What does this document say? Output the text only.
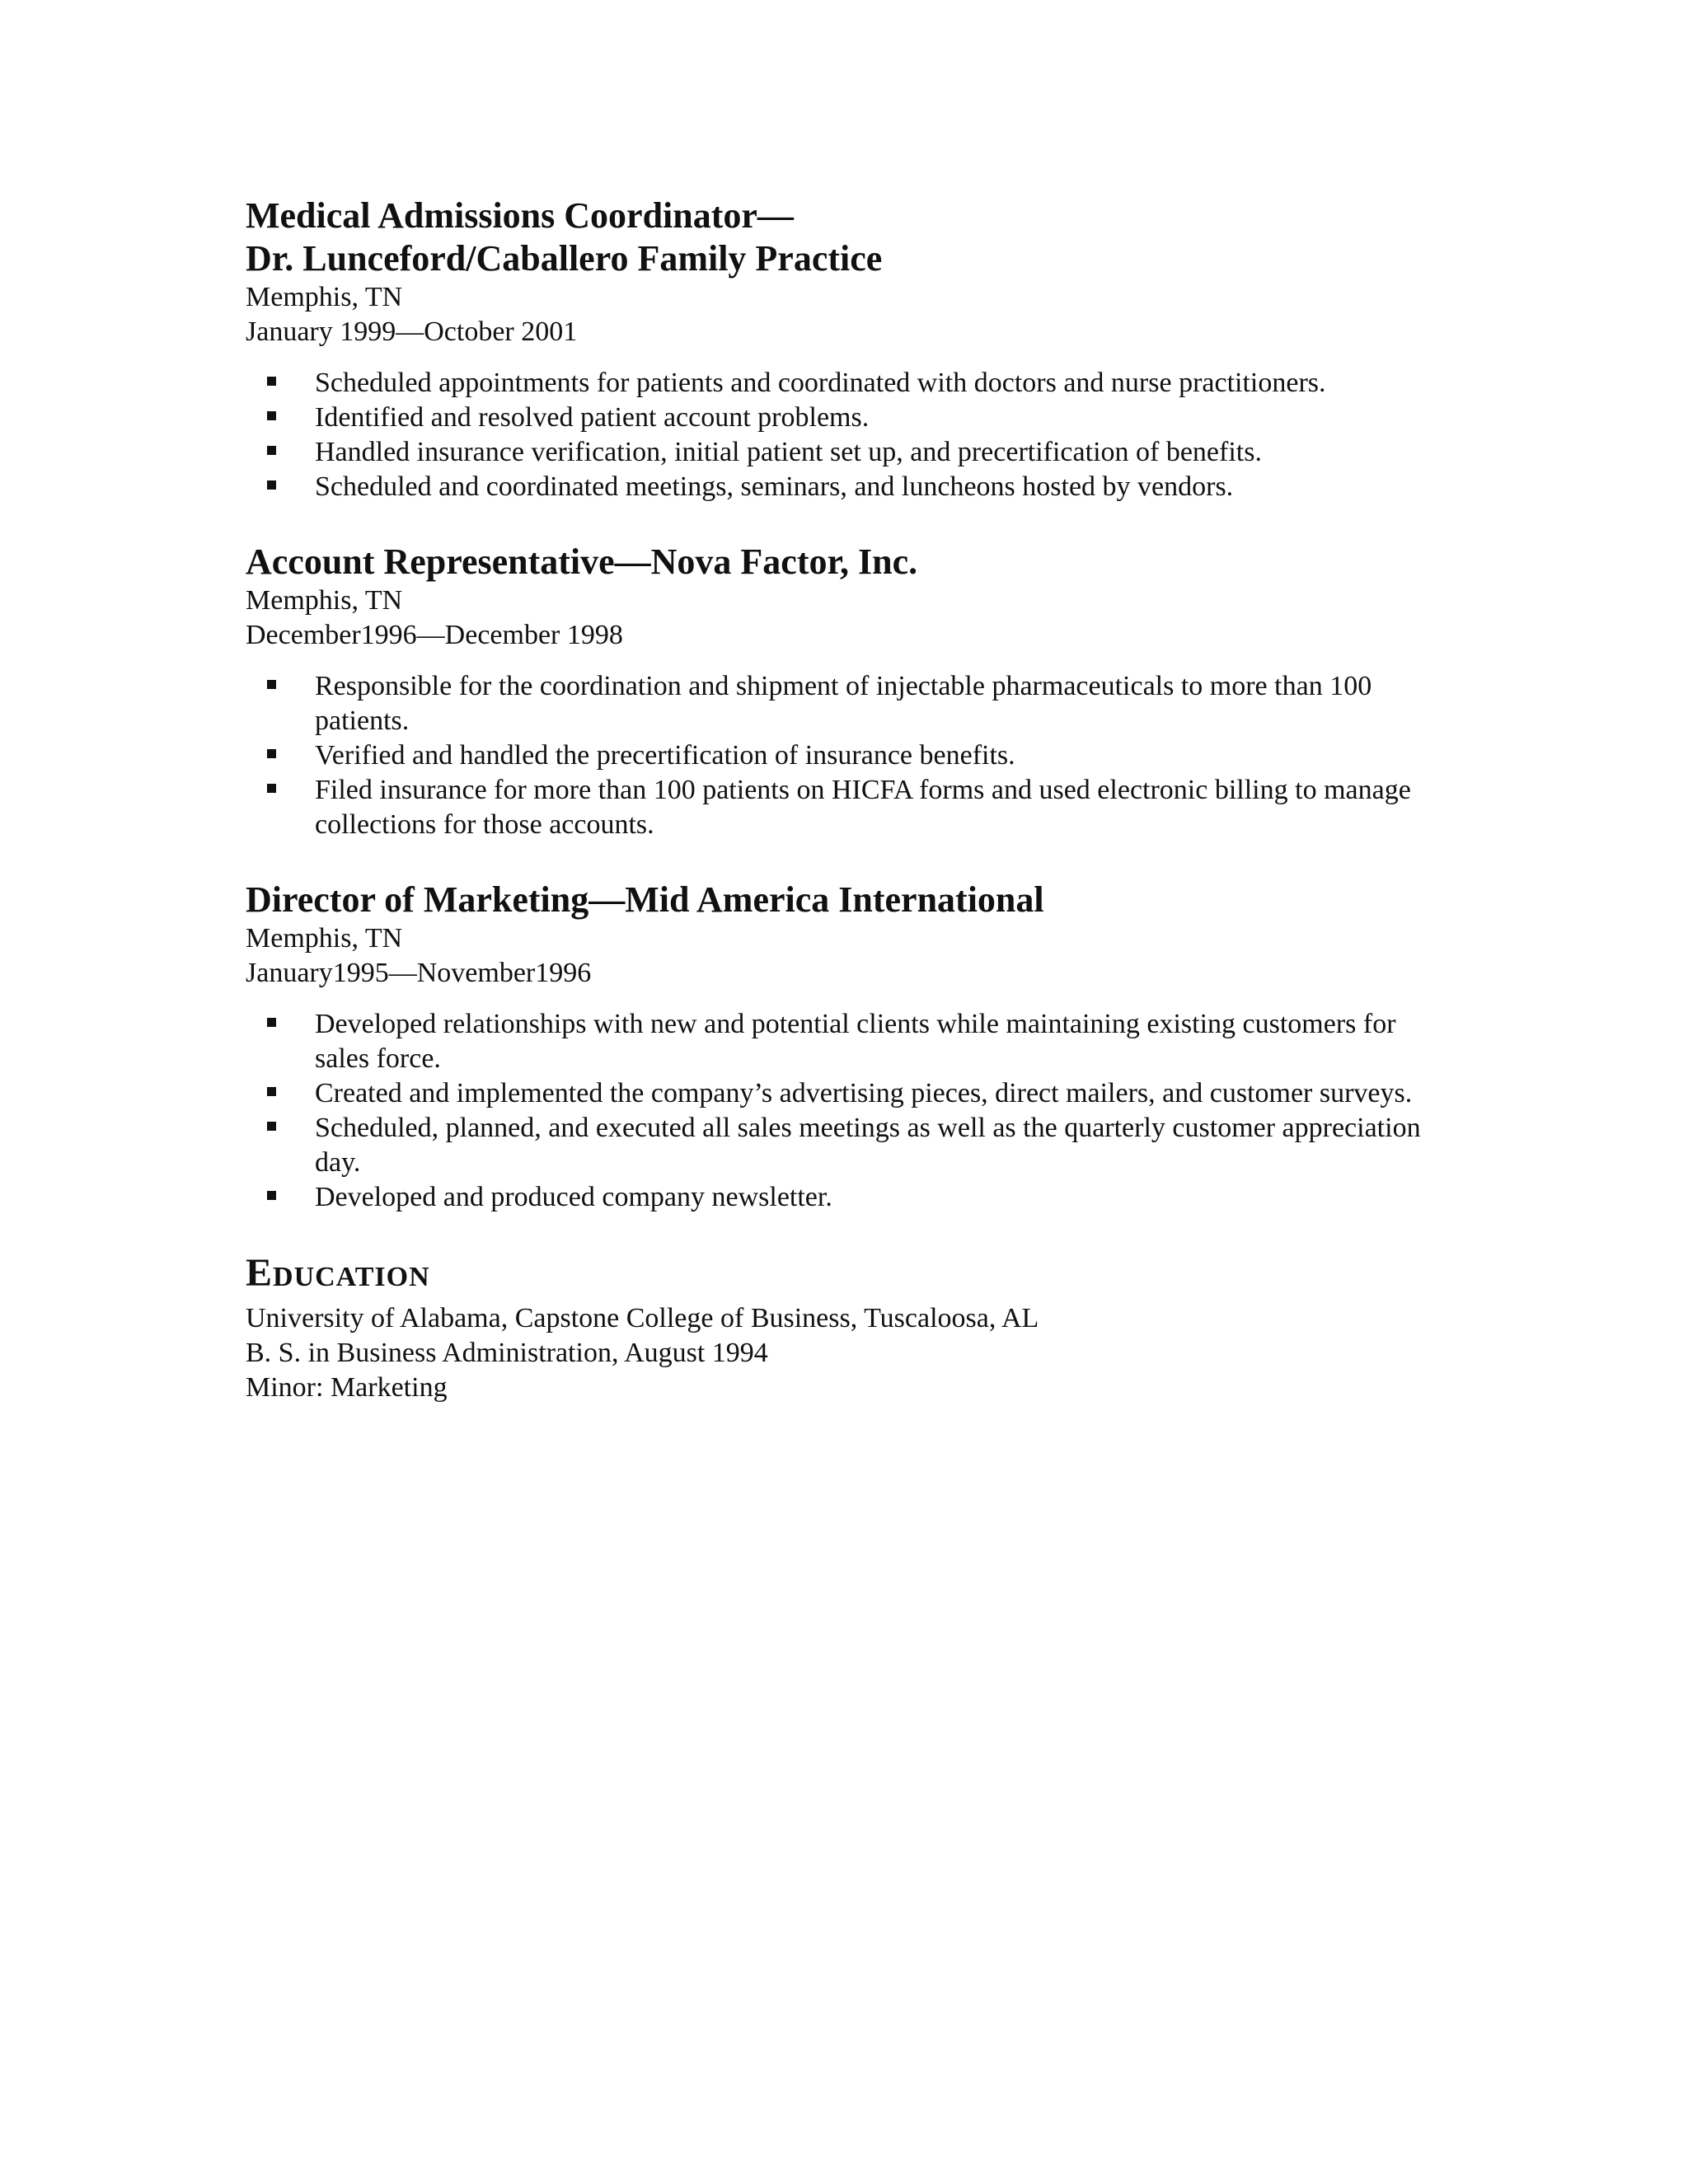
Medical Admissions Coordinator—
Dr. Lunceford/Caballero Family Practice

Memphis, TN

January 1999—October 2001

Scheduled appointments for patients and coordinated with doctors and nurse practitioners.
Identified and resolved patient account problems.
Handled insurance verification, initial patient set up, and precertification of benefits.
Scheduled and coordinated meetings, seminars, and luncheons hosted by vendors.
Account Representative—Nova Factor, Inc.

Memphis, TN

December1996—December 1998

Responsible for the coordination and shipment of injectable pharmaceuticals to more than 100 patients.
Verified and handled the precertification of insurance benefits.
Filed insurance for more than 100 patients on HICFA forms and used electronic billing to manage collections for those accounts.
Director of Marketing—Mid America International

Memphis, TN

January1995—November1996

Developed relationships with new and potential clients while maintaining existing customers for sales force.
Created and implemented the company’s advertising pieces, direct mailers, and customer surveys.
Scheduled, planned, and executed all sales meetings as well as the quarterly customer appreciation day.
Developed and produced company newsletter.
EDUCATION

University of Alabama, Capstone College of Business, Tuscaloosa, AL

B. S. in Business Administration, August 1994

Minor: Marketing
